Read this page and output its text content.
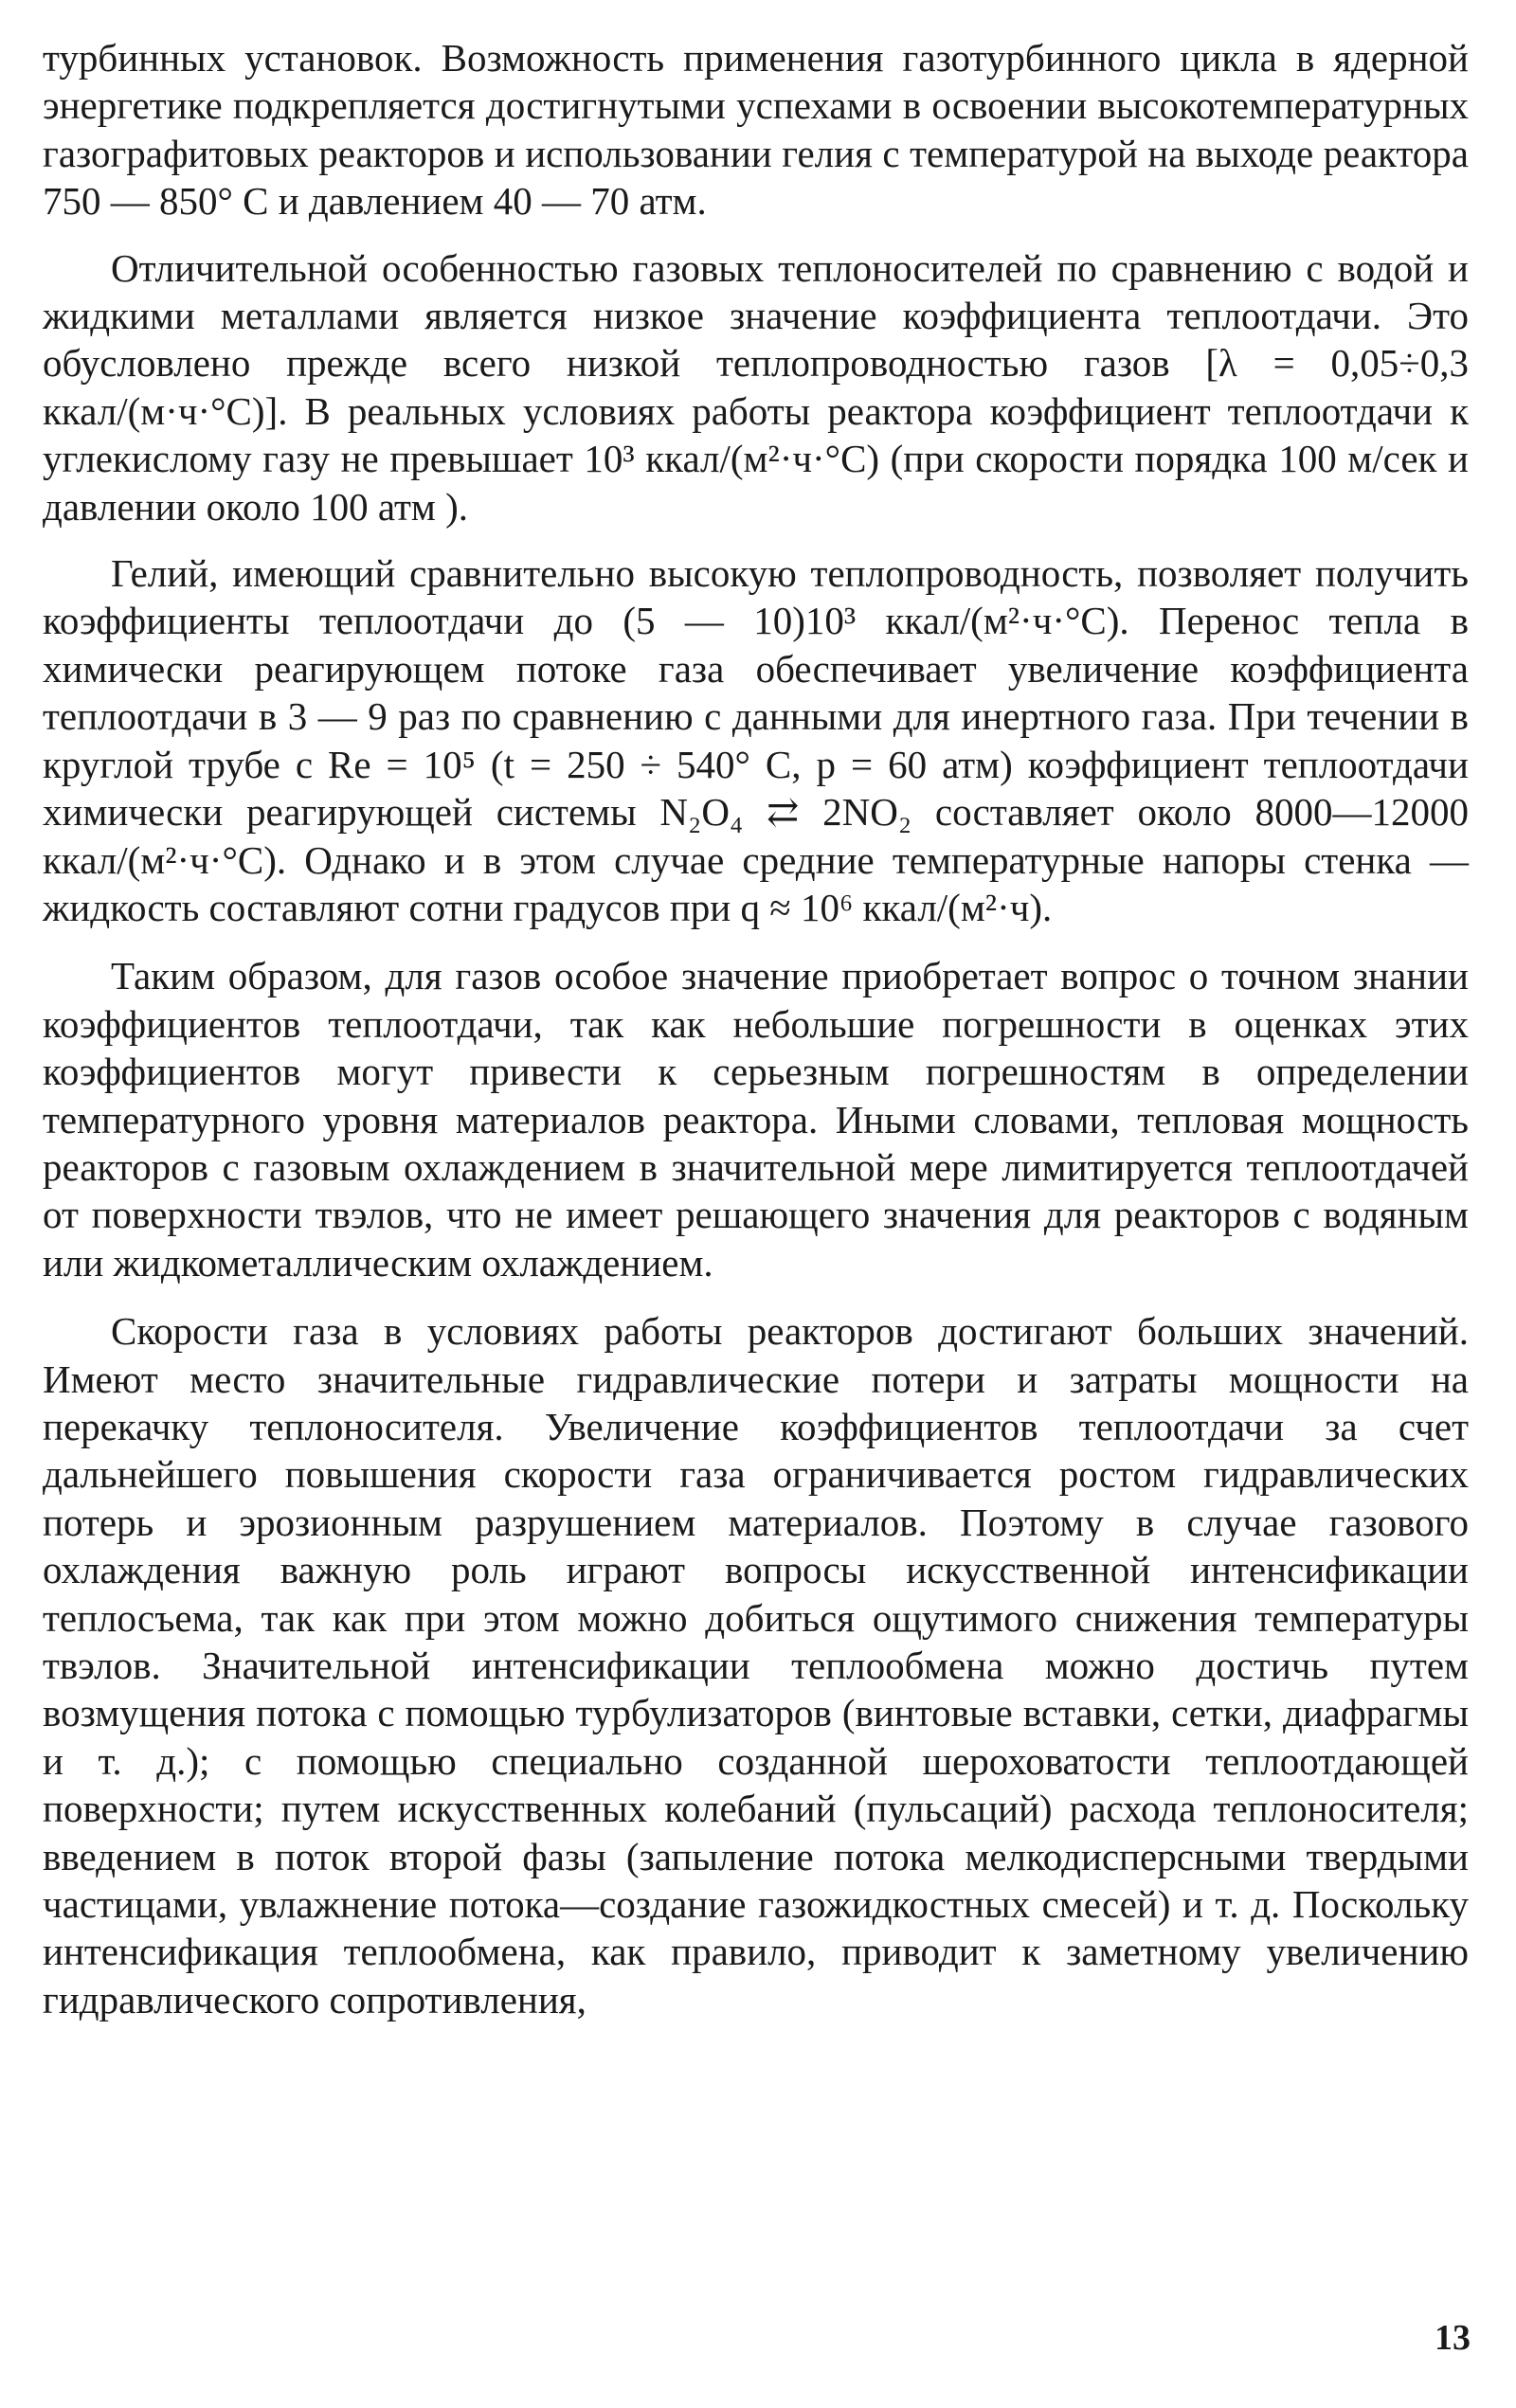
турбинных установок. Возможность применения газотурбинного цикла в ядерной энергетике подкрепляется достигнутыми успехами в освоении высокотемпературных газографитовых реакторов и использовании гелия с температурой на выходе реактора 750 — 850° C и давлением 40 — 70 атм.

Отличительной особенностью газовых теплоносителей по сравнению с водой и жидкими металлами является низкое значение коэффициента теплоотдачи. Это обусловлено прежде всего низкой теплопроводностью газов [λ = 0,05÷0,3 ккал/(м·ч·°C)]. В реальных условиях работы реактора коэффициент теплоотдачи к углекислому газу не превышает 10³ ккал/(м²·ч·°C) (при скорости порядка 100 м/сек и давлении около 100 атм ).

Гелий, имеющий сравнительно высокую теплопроводность, позволяет получить коэффициенты теплоотдачи до (5 — 10)10³ ккал/(м²·ч·°C). Перенос тепла в химически реагирующем потоке газа обеспечивает увеличение коэффициента теплоотдачи в 3 — 9 раз по сравнению с данными для инертного газа. При течении в круглой трубе с Re = 10⁵ (t = 250 ÷ 540° C, p = 60 атм) коэффициент теплоотдачи химически реагирующей системы N₂O₄ ⇄ 2NO₂ составляет около 8000—12000 ккал/(м²·ч·°C). Однако и в этом случае средние температурные напоры стенка — жидкость составляют сотни градусов при q ≈ 10⁶ ккал/(м²·ч).

Таким образом, для газов особое значение приобретает вопрос о точном знании коэффициентов теплоотдачи, так как небольшие погрешности в оценках этих коэффициентов могут привести к серьезным погрешностям в определении температурного уровня материалов реактора. Иными словами, тепловая мощность реакторов с газовым охлаждением в значительной мере лимитируется теплоотдачей от поверхности твэлов, что не имеет решающего значения для реакторов с водяным или жидкометаллическим охлаждением.

Скорости газа в условиях работы реакторов достигают больших значений. Имеют место значительные гидравлические потери и затраты мощности на перекачку теплоносителя. Увеличение коэффициентов теплоотдачи за счет дальнейшего повышения скорости газа ограничивается ростом гидравлических потерь и эрозионным разрушением материалов. Поэтому в случае газового охлаждения важную роль играют вопросы искусственной интенсификации теплосъема, так как при этом можно добиться ощутимого снижения температуры твэлов. Значительной интенсификации теплообмена можно достичь путем возмущения потока с помощью турбулизаторов (винтовые вставки, сетки, диафрагмы и т. д.); с помощью специально созданной шероховатости теплоотдающей поверхности; путем искусственных колебаний (пульсаций) расхода теплоносителя; введением в поток второй фазы (запыление потока мелкодисперсными твердыми частицами, увлажнение потока—создание газожидкостных смесей) и т. д. Поскольку интенсификация теплообмена, как правило, приводит к заметному увеличению гидравлического сопротивления,

13
